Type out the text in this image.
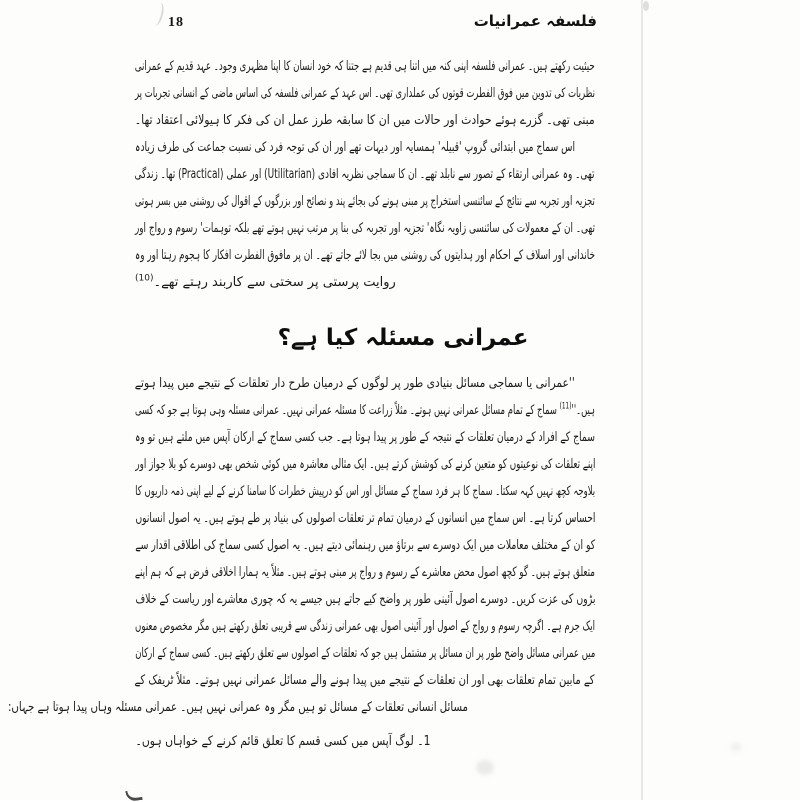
18	فلسفہ عمرانیات
حیثیت رکھتے ہیں۔ عمرانی فلسفہ اپنی کنہ میں اتنا ہی قدیم ہے جتنا کہ خود انسان کا اپنا مظہری وجود۔ عہد قدیم کے عمرانی
نظریات کی تدوین میں فوق الفطرت قوتوں کی عملداری تھی۔ اس عہد کے عمرانی فلسفہ کی اساس ماضی کے انسانی تجربات پر
مبنی تھی۔ گزرے ہوئے حوادث اور حالات میں ان کا سابقہ طرز عمل ان کی فکر کا ہیولائی اعتقاد تھا۔
اس سماج میں ابتدائی گروپ 'قبیلہ' ہمسایہ اور دیہات تھے اور ان کی توجہ فرد کی نسبت جماعت کی طرف زیادہ
تھی۔ وہ عمرانی ارتقاء کے تصور سے نابلد تھے۔ ان کا سماجی نظریہ افادی (Utilitarian) اور عملی (Practical) تھا۔ زندگی
تجزیہ اور تجربہ سے نتائج کے سائنسی استخراج پر مبنی ہونے کی بجائے پند و نصائح اور بزرگوں کے اقوال کی روشنی میں بسر ہوتی
تھی۔ ان کے معمولات کی سائنسی زاویہ نگاہ' تجزیہ اور تجربہ کی بنا پر مرتب نہیں ہوتے تھے بلکہ توہمات' رسوم و رواج اور
خاندانی اور اسلاف کے احکام اور ہدایتوں کی روشنی میں بجا لائے جاتے تھے۔ ان پر مافوق الفطرت افکار کا ہجوم رہتا اور وہ
روایت پرستی پر سختی سے کاربند رہتے تھے۔$^{(10)}$
عمرانی مسئلہ کیا ہے؟
''عمرانی یا سماجی مسائل بنیادی طور پر لوگوں کے درمیان طرح دار تعلقات کے نتیجے میں پیدا ہوتے
ہیں۔''$^{(11)}$ سماج کے تمام مسائل عمرانی نہیں ہوتے۔ مثلاً زراعت کا مسئلہ عمرانی نہیں۔ عمرانی مسئلہ وہی ہوتا ہے جو کہ کسی
سماج کے افراد کے درمیان تعلقات کے نتیجہ کے طور پر پیدا ہوتا ہے۔ جب کسی سماج کے ارکان آپس میں ملتے ہیں تو وہ
اپنے تعلقات کی نوعیتوں کو متعین کرنے کی کوشش کرتے ہیں۔ ایک مثالی معاشرہ میں کوئی شخص بھی دوسرے کو بلا جواز اور
بلاوجہ کچھ نہیں کہہ سکتا۔ سماج کا ہر فرد سماج کے مسائل اور اس کو درپیش خطرات کا سامنا کرنے کے لیے اپنی ذمہ داریوں کا
احساس کرتا ہے۔ اس سماج میں انسانوں کے درمیان تمام تر تعلقات اصولوں کی بنیاد پر طے ہوتے ہیں۔ یہ اصول انسانوں
کو ان کے مختلف معاملات میں ایک دوسرے سے برتاؤ میں رہنمائی دیتے ہیں۔ یہ اصول کسی سماج کی اطلاقی اقدار سے
متعلق ہوتے ہیں۔ گو کچھ اصول محض معاشرے کے رسوم و رواج پر مبنی ہوتے ہیں۔ مثلاً یہ ہمارا اخلاقی فرض ہے کہ ہم اپنے
بڑوں کی عزت کریں۔ دوسرے اصول آئینی طور پر واضح کیے جاتے ہیں جیسے یہ کہ چوری معاشرے اور ریاست کے خلاف
ایک جرم ہے۔ اگرچہ رسوم و رواج کے اصول اور آئینی اصول بھی عمرانی زندگی سے قریبی تعلق رکھتے ہیں مگر مخصوص معنوں
میں عمرانی مسائل واضح طور پر ان مسائل پر مشتمل ہیں جو کہ تعلقات کے اصولوں سے تعلق رکھتے ہیں۔ کسی سماج کے ارکان
کے مابین تمام تعلقات بھی اور ان تعلقات کے نتیجے میں پیدا ہونے والے مسائل عمرانی نہیں ہوتے۔ مثلاً ٹریفک کے
مسائل انسانی تعلقات کے مسائل تو ہیں مگر وہ عمرانی نہیں ہیں۔ عمرانی مسئلہ وہاں پیدا ہوتا ہے جہاں:
1۔ لوگ آپس میں کسی قسم کا تعلق قائم کرنے کے خواہاں ہوں۔
